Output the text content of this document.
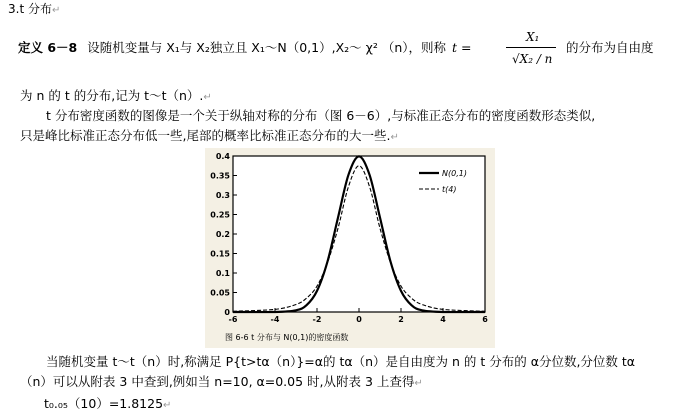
3.t 分布↵
定义 6－8 设随机变量与 X₁与 X₂独立且 X₁～N（0,1）,X₂～ χ² （n），则称 t =
X₁
√X₂ / n
的分布为自由度
为 n 的 t 的分布,记为 t～t（n）.↵
t 分布密度函数的图像是一个关于纵轴对称的分布（图 6－6）,与标准正态分布的密度函数形态类似,
只是峰比标准正态分布低一些,尾部的概率比标准正态分布的大一些.↵
0
0.05
0.1
0.15
0.2
0.25
0.3
0.35
0.4
-6	-4	-2	0	2	4	6
N(0,1)
t(4)
图 6-6 t 分布与 N(0,1)的密度函数
当随机变量 t～t（n）时,称满足 P{t>tα（n）}=α的 tα（n）是自由度为 n 的 t 分布的 α分位数,分位数 tα
（n）可以从附表 3 中查到,例如当 n=10, α=0.05 时,从附表 3 上查得↵
t₀.₀₅（10）=1.8125↵
